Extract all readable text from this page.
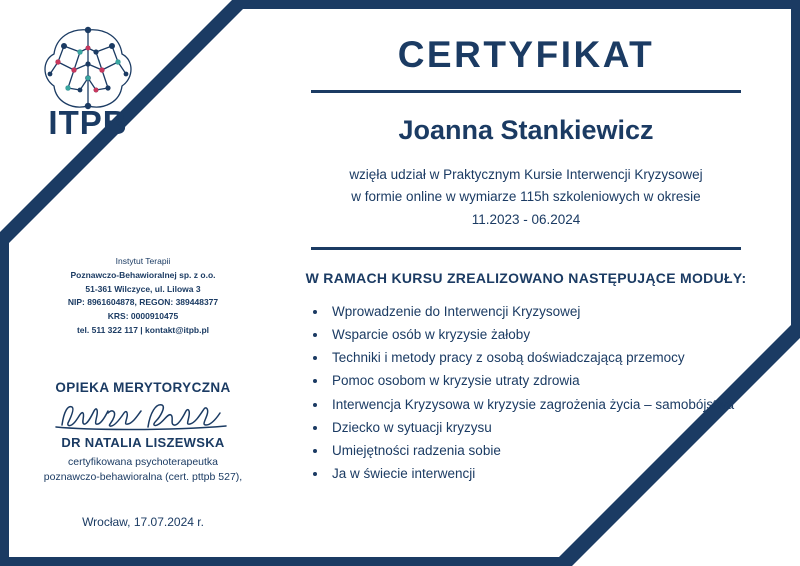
ITPB
Instytut Terapii
Poznawczo-Behawioralnej sp. z o.o.
51-361 Wilczyce, ul. Lilowa 3
NIP: 8961604878, REGON: 389448377
KRS: 0000910475
tel. 511 322 117 | kontakt@itpb.pl
OPIEKA MERYTORYCZNA
DR NATALIA LISZEWSKA
certyfikowana psychoterapeutka
poznawczo-behawioralna (cert. pttpb 527),
Wrocław, 17.07.2024 r.
CERTYFIKAT
Joanna Stankiewicz
wzięła udział w Praktycznym Kursie Interwencji Kryzysowej
w formie online w wymiarze 115h szkoleniowych w okresie
11.2023 - 06.2024
W RAMACH KURSU ZREALIZOWANO NASTĘPUJĄCE MODUŁY:
• Wprowadzenie do Interwencji Kryzysowej
• Wsparcie osób w kryzysie żałoby
• Techniki i metody pracy z osobą doświadczającą przemocy
• Pomoc osobom w kryzysie utraty zdrowia
• Interwencja Kryzysowa w kryzysie zagrożenia życia – samobójstwa
• Dziecko w sytuacji kryzysu
• Umiejętności radzenia sobie
• Ja w świecie interwencji
